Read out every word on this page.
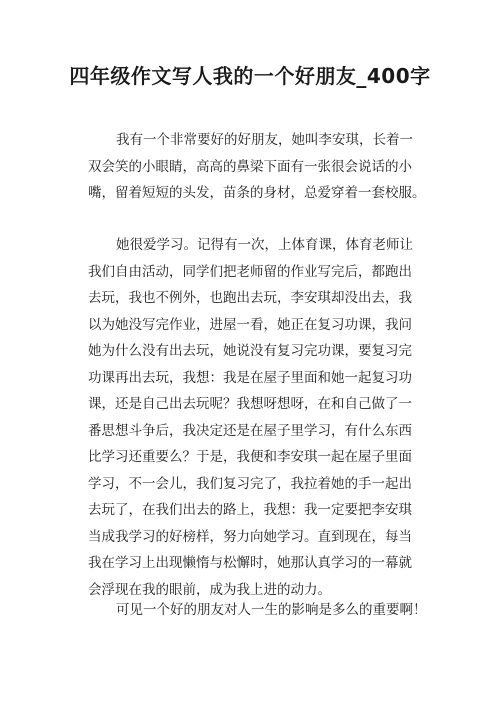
四年级作文写人我的一个好朋友_400字
我有一个非常要好的好朋友，她叫李安琪，长着一
双会笑的小眼睛，高高的鼻梁下面有一张很会说话的小
嘴，留着短短的头发，苗条的身材，总爱穿着一套校服。
她很爱学习。记得有一次，上体育课，体育老师让
我们自由活动，同学们把老师留的作业写完后，都跑出
去玩，我也不例外，也跑出去玩，李安琪却没出去，我
以为她没写完作业，进屋一看，她正在复习功课，我问
她为什么没有出去玩，她说没有复习完功课，要复习完
功课再出去玩，我想：我是在屋子里面和她一起复习功
课，还是自己出去玩呢？我想呀想呀，在和自己做了一
番思想斗争后，我决定还是在屋子里学习，有什么东西
比学习还重要么？于是，我便和李安琪一起在屋子里面
学习，不一会儿，我们复习完了，我拉着她的手一起出
去玩了，在我们出去的路上，我想：我一定要把李安琪
当成我学习的好榜样，努力向她学习。直到现在，每当
我在学习上出现懒惰与松懈时，她那认真学习的一幕就
会浮现在我的眼前，成为我上进的动力。
可见一个好的朋友对人一生的影响是多么的重要啊！
